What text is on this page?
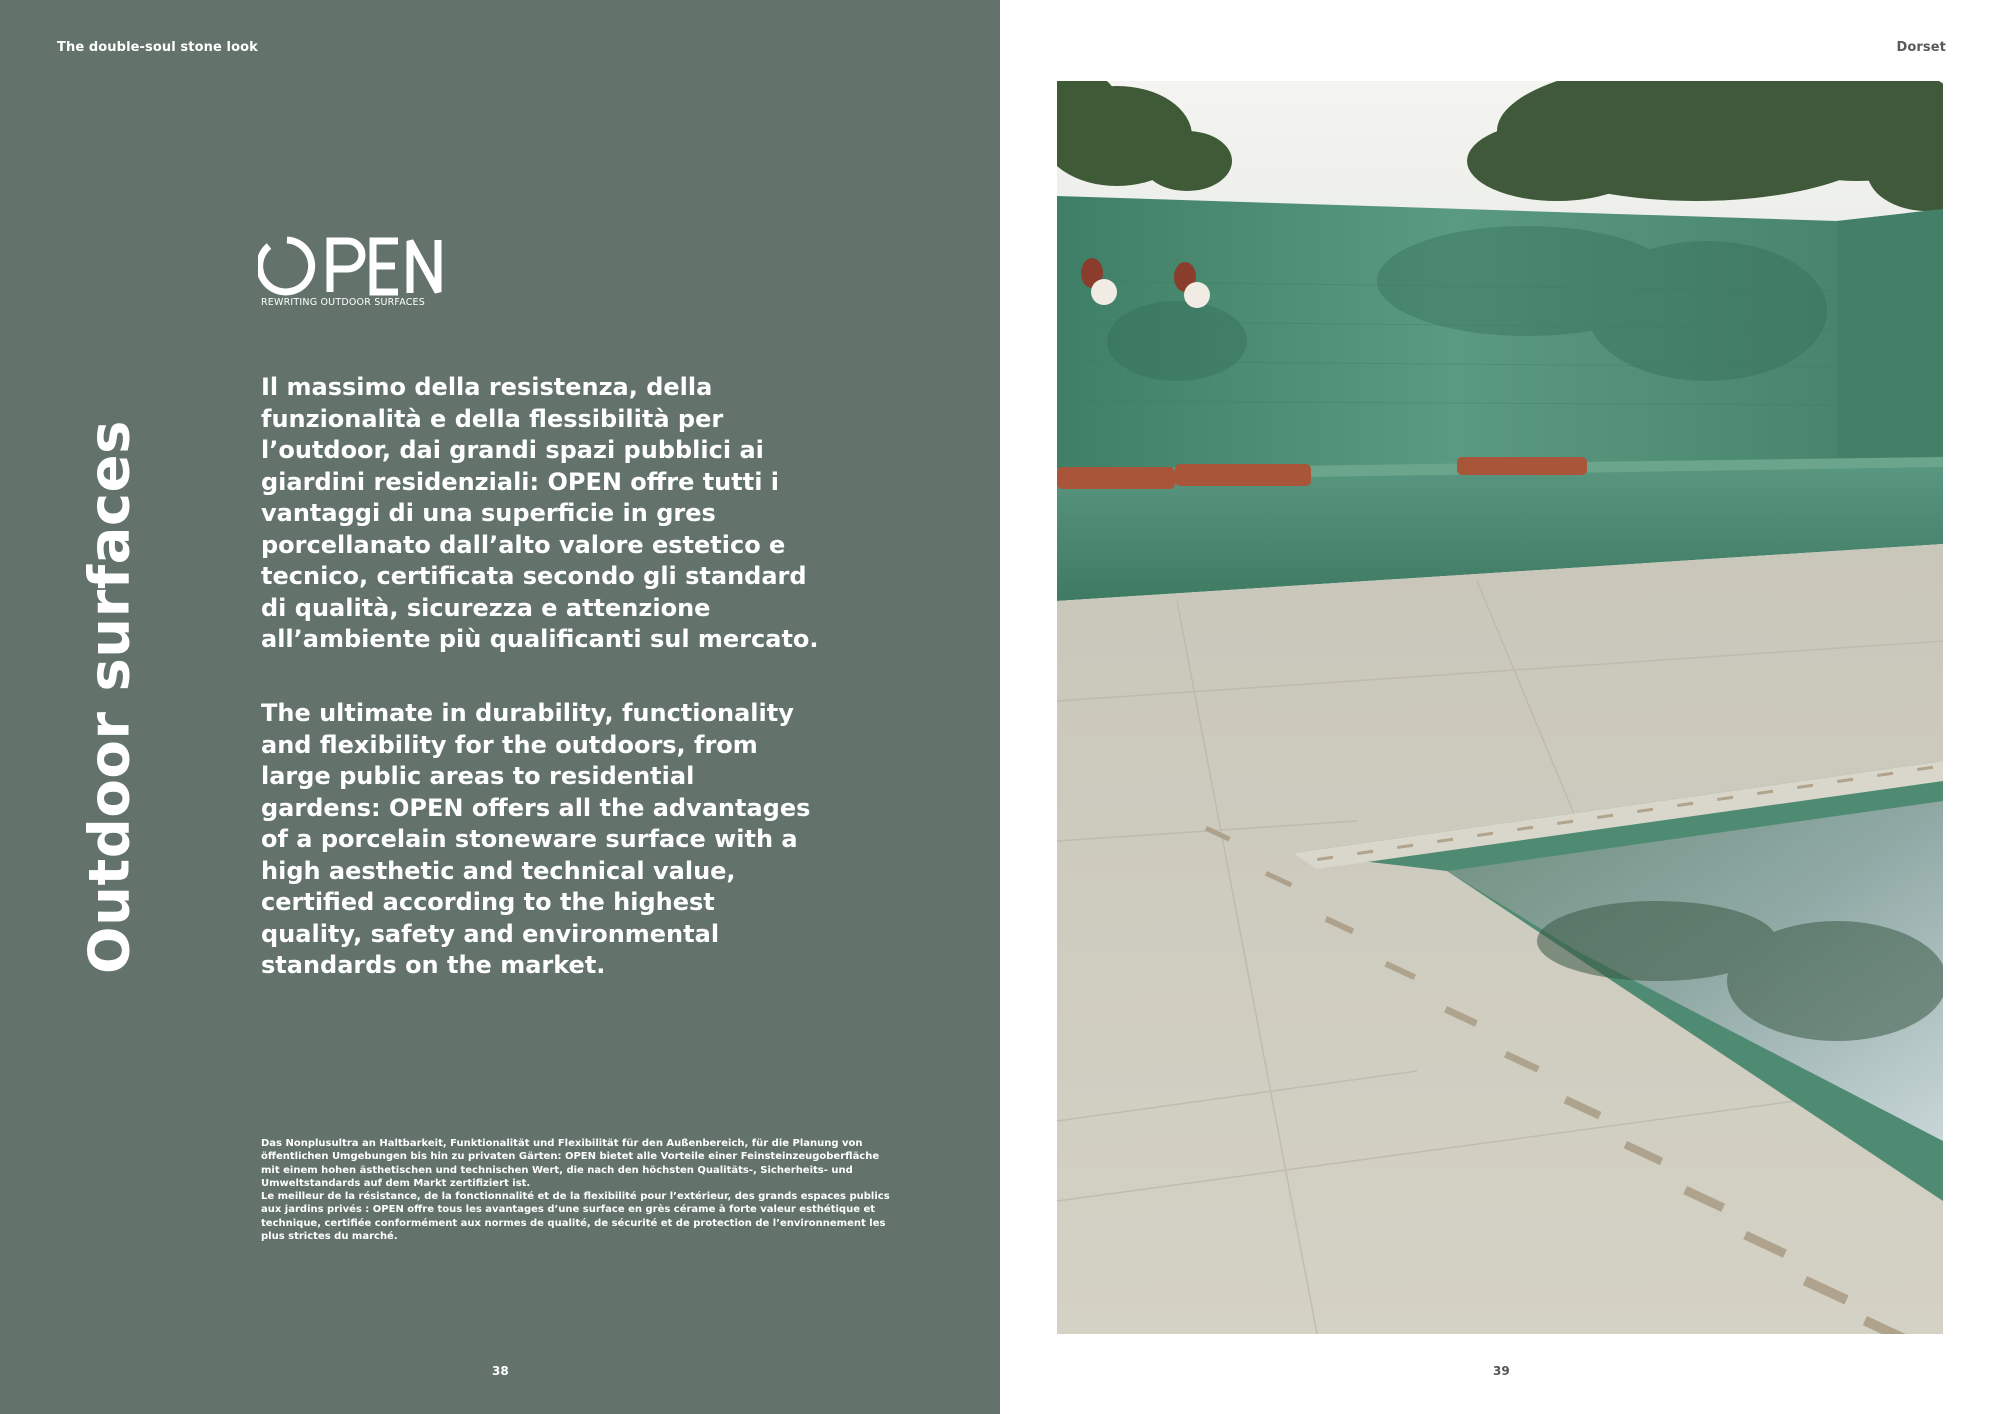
The double-soul stone look
Outdoor surfaces
REWRITING OUTDOOR SURFACES
Il massimo della resistenza, della funzionalità e della flessibilità per l’outdoor, dai grandi spazi pubblici ai giardini residenziali: OPEN offre tutti i vantaggi di una superficie in gres porcellanato dall’alto valore estetico e tecnico, certificata secondo gli standard di qualità, sicurezza e attenzione all’ambiente più qualificanti sul mercato.
The ultimate in durability, functionality and flexibility for the outdoors, from large public areas to residential gardens: OPEN offers all the advantages of a porcelain stoneware surface with a high aesthetic and technical value, certified according to the highest quality, safety and environmental standards on the market.

Das Nonplusultra an Haltbarkeit, Funktionalität und Flexibilität für den Außenbereich, für die Planung von öffentlichen Umgebungen bis hin zu privaten Gärten: OPEN bietet alle Vorteile einer Feinsteinzeugoberfläche mit einem hohen ästhetischen und technischen Wert, die nach den höchsten Qualitäts-, Sicherheits- und Umweltstandards auf dem Markt zertifiziert ist.

Le meilleur de la résistance, de la fonctionnalité et de la flexibilité pour l’extérieur, des grands espaces publics aux jardins privés : OPEN offre tous les avantages d’une surface en grès cérame à forte valeur esthétique et technique, certifiée conformément aux normes de qualité, de sécurité et de protection de l’environnement les plus strictes du marché.

38
Dorset
39
